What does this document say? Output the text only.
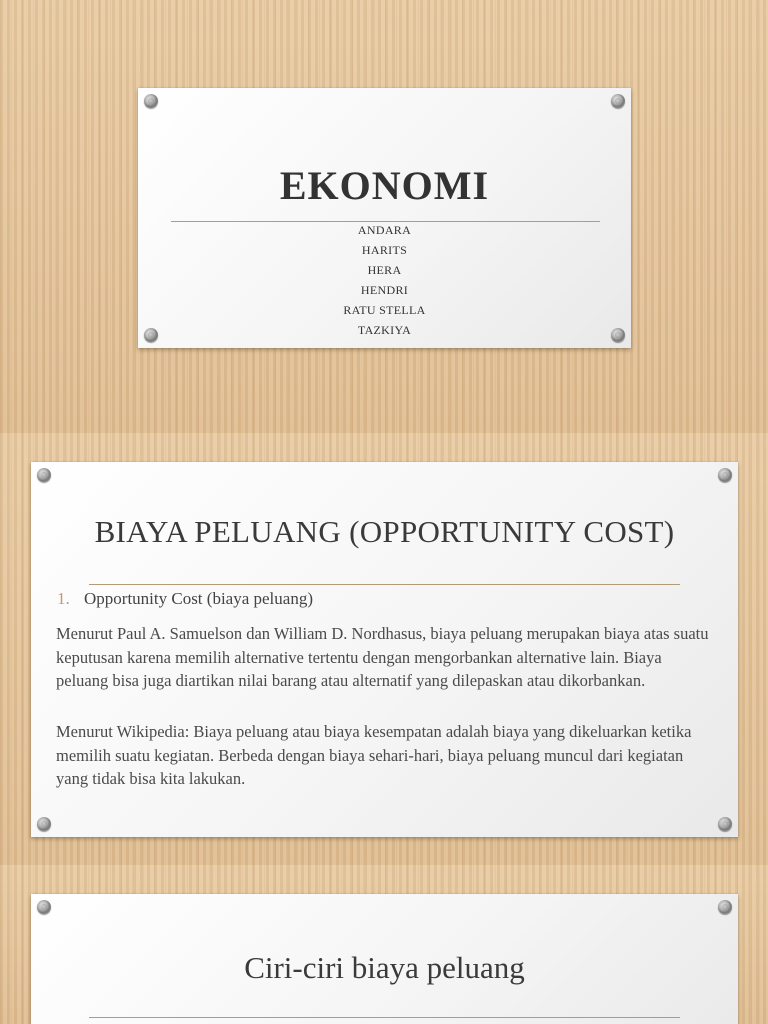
EKONOMI
ANDARA
HARITS
HERA
HENDRI
RATU STELLA
TAZKIYA
BIAYA PELUANG (OPPORTUNITY COST)
1. Opportunity Cost (biaya peluang)

Menurut Paul A. Samuelson dan William D. Nordhasus, biaya peluang merupakan biaya atas suatu keputusan karena memilih alternative tertentu dengan mengorbankan alternative lain. Biaya peluang bisa juga diartikan nilai barang atau alternatif yang dilepaskan atau dikorbankan.

Menurut Wikipedia: Biaya peluang atau biaya kesempatan adalah biaya yang dikeluarkan ketika memilih suatu kegiatan. Berbeda dengan biaya sehari-hari, biaya peluang muncul dari kegiatan yang tidak bisa kita lakukan.

Ciri-ciri biaya peluang
